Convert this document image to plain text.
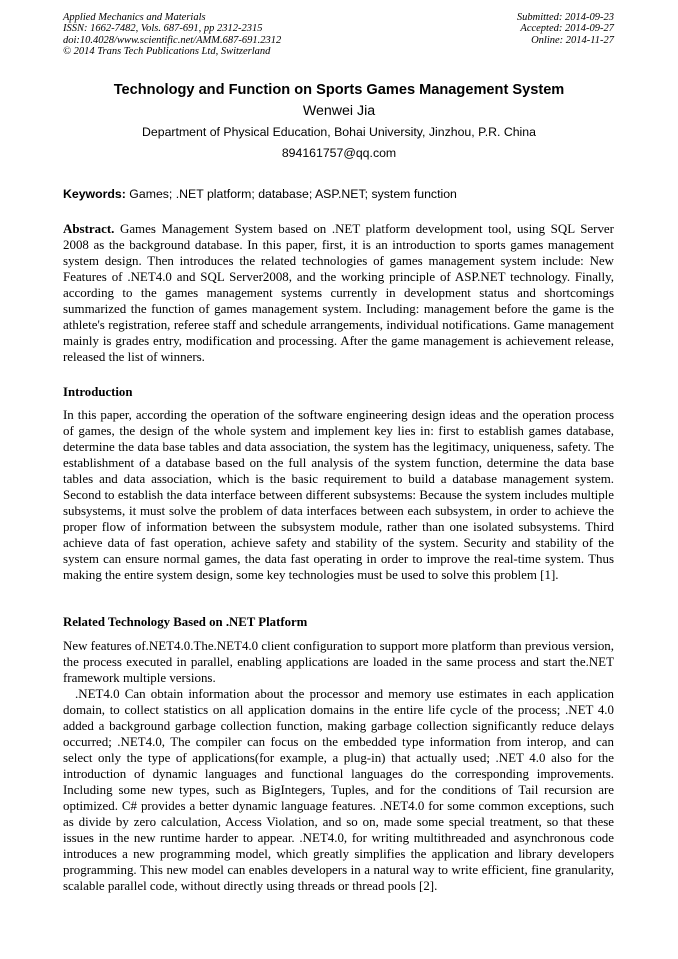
Applied Mechanics and Materials
ISSN: 1662-7482, Vols. 687-691, pp 2312-2315
doi:10.4028/www.scientific.net/AMM.687-691.2312
© 2014 Trans Tech Publications Ltd, Switzerland
Submitted: 2014-09-23
Accepted: 2014-09-27
Online: 2014-11-27
Technology and Function on Sports Games Management System
Wenwei Jia
Department of Physical Education, Bohai University, Jinzhou, P.R. China
894161757@qq.com
Keywords: Games; .NET platform; database; ASP.NET; system function
Abstract. Games Management System based on .NET platform development tool, using SQL Server 2008 as the background database. In this paper, first, it is an introduction to sports games management system design. Then introduces the related technologies of games management system include: New Features of .NET4.0 and SQL Server2008, and the working principle of ASP.NET technology. Finally, according to the games management systems currently in development status and shortcomings summarized the function of games management system. Including: management before the game is the athlete's registration, referee staff and schedule arrangements, individual notifications. Game management mainly is grades entry, modification and processing. After the game management is achievement release, released the list of winners.
Introduction
In this paper, according the operation of the software engineering design ideas and the operation process of games, the design of the whole system and implement key lies in: first to establish games database, determine the data base tables and data association, the system has the legitimacy, uniqueness, safety. The establishment of a database based on the full analysis of the system function, determine the data base tables and data association, which is the basic requirement to build a database management system. Second to establish the data interface between different subsystems: Because the system includes multiple subsystems, it must solve the problem of data interfaces between each subsystem, in order to achieve the proper flow of information between the subsystem module, rather than one isolated subsystems. Third achieve data of fast operation, achieve safety and stability of the system. Security and stability of the system can ensure normal games, the data fast operating in order to improve the real-time system. Thus making the entire system design, some key technologies must be used to solve this problem [1].
Related Technology Based on .NET Platform

New features of.NET4.0.The.NET4.0 client configuration to support more platform than previous version, the process executed in parallel, enabling applications are loaded in the same process and start the.NET framework multiple versions.

.NET4.0 Can obtain information about the processor and memory use estimates in each application domain, to collect statistics on all application domains in the entire life cycle of the process; .NET 4.0 added a background garbage collection function, making garbage collection significantly reduce delays occurred; .NET4.0, The compiler can focus on the embedded type information from interop, and can select only the type of applications(for example, a plug-in) that actually used; .NET 4.0 also for the introduction of dynamic languages and functional languages do the corresponding improvements. Including some new types, such as BigIntegers, Tuples, and for the conditions of Tail recursion are optimized. C# provides a better dynamic language features. .NET4.0 for some common exceptions, such as divide by zero calculation, Access Violation, and so on, made some special treatment, so that these issues in the new runtime harder to appear. .NET4.0, for writing multithreaded and asynchronous code introduces a new programming model, which greatly simplifies the application and library developers programming. This new model can enables developers in a natural way to write efficient, fine granularity, scalable parallel code, without directly using threads or thread pools [2].
